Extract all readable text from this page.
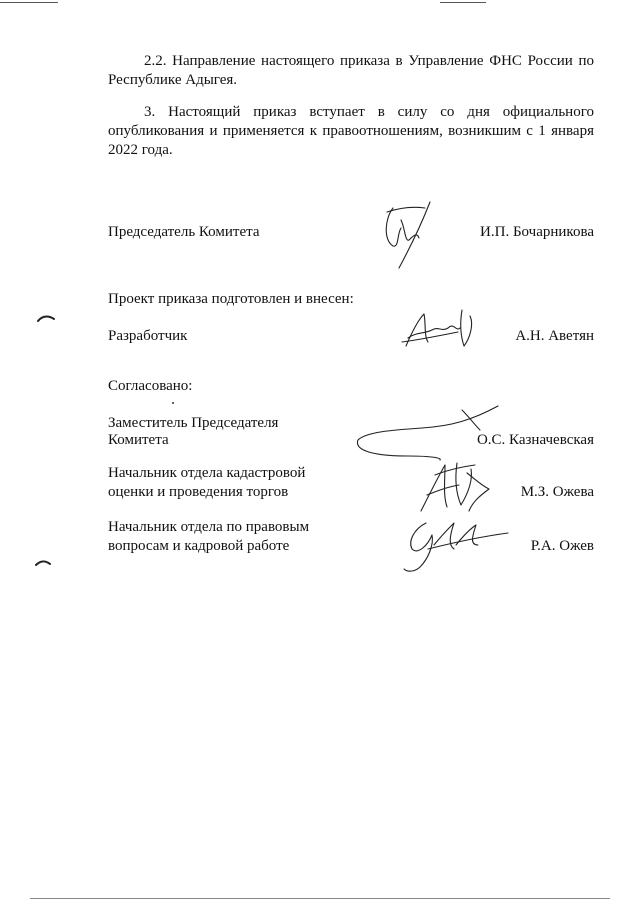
2.2. Направление настоящего приказа в Управление ФНС России по
Республике Адыгея.
3. Настоящий приказ вступает в силу со дня официального
опубликования и применяется к правоотношениям, возникшим с 1 января
2022 года.

Председатель Комитета	И.П. Бочарникова

Проект приказа подготовлен и внесен:

Разработчик	А.Н. Аветян

Согласовано:

Заместитель Председателя

Комитета	О.С. Казначевская

Начальник отдела кадастровой

оценки и проведения торгов	М.З. Ожева

Начальник отдела по правовым

вопросам и кадровой работе	Р.А. Ожев
